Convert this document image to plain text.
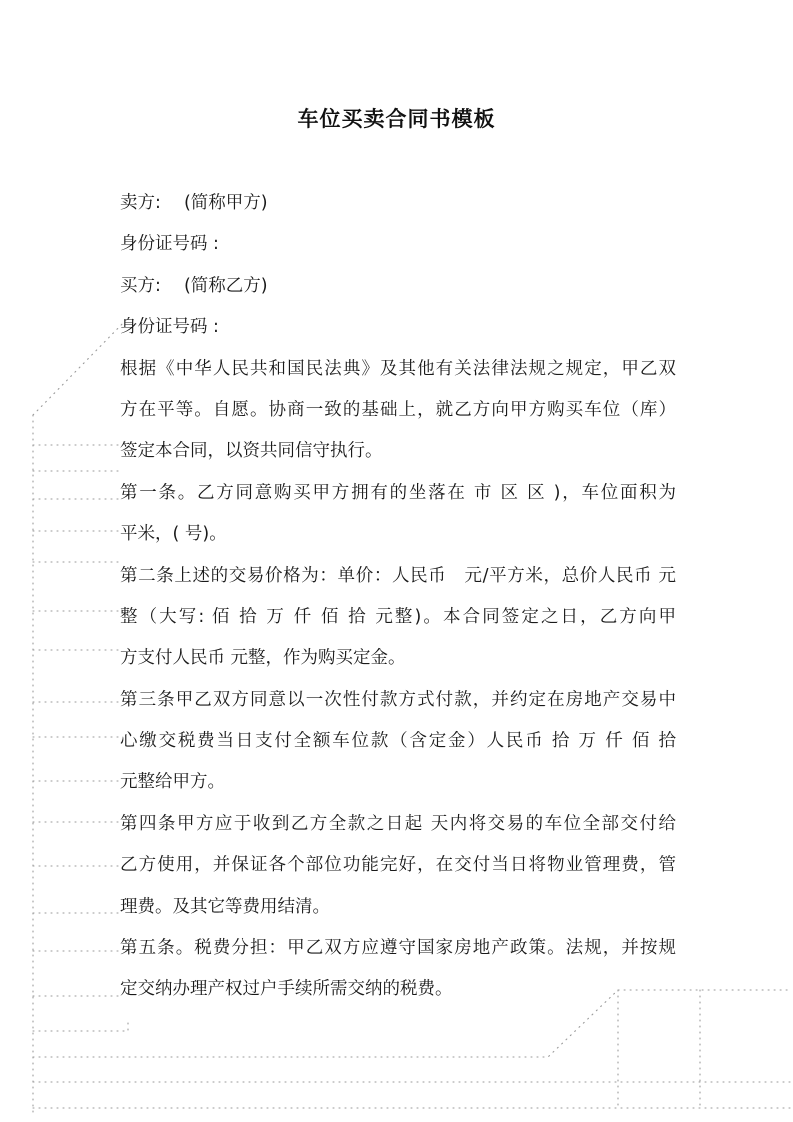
车位买卖合同书模板
卖方:　 (简称甲方)
身份证号码 :
买方:　 (简称乙方)
身份证号码 :
根据《中华人民共和国民法典》及其他有关法律法规之规定，甲乙双
方在平等。自愿。协商一致的基础上，就乙方向甲方购买车位（库）
签定本合同，以资共同信守执行。
第一条。乙方同意购买甲方拥有的坐落在 市 区 区 )，车位面积为
平米，( 号)。
第二条上述的交易价格为：单价：人民币　元/平方米，总价人民币 元
整（大写: 佰 拾 万 仟 佰 拾 元整)。本合同签定之日，乙方向甲
方支付人民币 元整，作为购买定金。
第三条甲乙双方同意以一次性付款方式付款，并约定在房地产交易中
心缴交税费当日支付全额车位款（含定金）人民币 拾 万 仟 佰 拾
元整给甲方。
第四条甲方应于收到乙方全款之日起 天内将交易的车位全部交付给
乙方使用，并保证各个部位功能完好，在交付当日将物业管理费，管
理费。及其它等费用结清。
第五条。税费分担：甲乙双方应遵守国家房地产政策。法规，并按规
定交纳办理产权过户手续所需交纳的税费。
